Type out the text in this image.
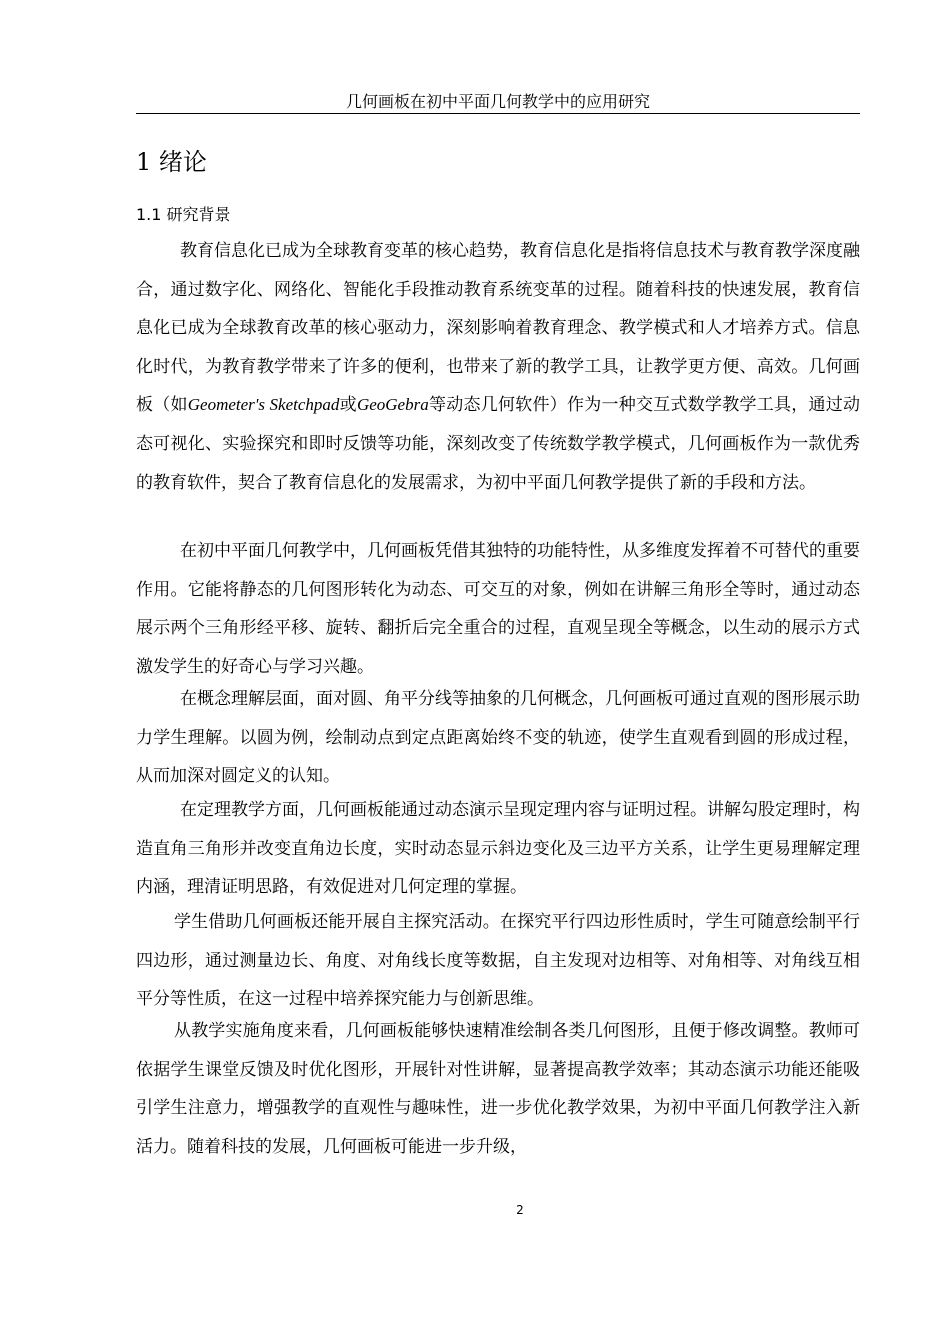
几何画板在初中平面几何教学中的应用研究
1 绪论
1.1 研究背景

教育信息化已成为全球教育变革的核心趋势，教育信息化是指将信息技术与教育教学深度融合，通过数字化、网络化、智能化手段推动教育系统变革的过程。随着科技的快速发展，教育信息化已成为全球教育改革的核心驱动力，深刻影响着教育理念、教学模式和人才培养方式。信息化时代，为教育教学带来了许多的便利，也带来了新的教学工具，让教学更方便、高效。几何画板（如Geometer's Sketchpad或GeoGebra等动态几何软件）作为一种交互式数学教学工具，通过动态可视化、实验探究和即时反馈等功能，深刻改变了传统数学教学模式，几何画板作为一款优秀的教育软件，契合了教育信息化的发展需求，为初中平面几何教学提供了新的手段和方法。

在初中平面几何教学中，几何画板凭借其独特的功能特性，从多维度发挥着不可替代的重要作用。它能将静态的几何图形转化为动态、可交互的对象，例如在讲解三角形全等时，通过动态展示两个三角形经平移、旋转、翻折后完全重合的过程，直观呈现全等概念，以生动的展示方式激发学生的好奇心与学习兴趣。

在概念理解层面，面对圆、角平分线等抽象的几何概念，几何画板可通过直观的图形展示助力学生理解。以圆为例，绘制动点到定点距离始终不变的轨迹，使学生直观看到圆的形成过程，从而加深对圆定义的认知。

在定理教学方面，几何画板能通过动态演示呈现定理内容与证明过程。讲解勾股定理时，构造直角三角形并改变直角边长度，实时动态显示斜边变化及三边平方关系，让学生更易理解定理内涵，理清证明思路，有效促进对几何定理的掌握。

学生借助几何画板还能开展自主探究活动。在探究平行四边形性质时，学生可随意绘制平行四边形，通过测量边长、角度、对角线长度等数据，自主发现对边相等、对角相等、对角线互相平分等性质，在这一过程中培养探究能力与创新思维。

从教学实施角度来看，几何画板能够快速精准绘制各类几何图形，且便于修改调整。教师可依据学生课堂反馈及时优化图形，开展针对性讲解，显著提高教学效率；其动态演示功能还能吸引学生注意力，增强教学的直观性与趣味性，进一步优化教学效果，为初中平面几何教学注入新活力。随着科技的发展，几何画板可能进一步升级，

2
